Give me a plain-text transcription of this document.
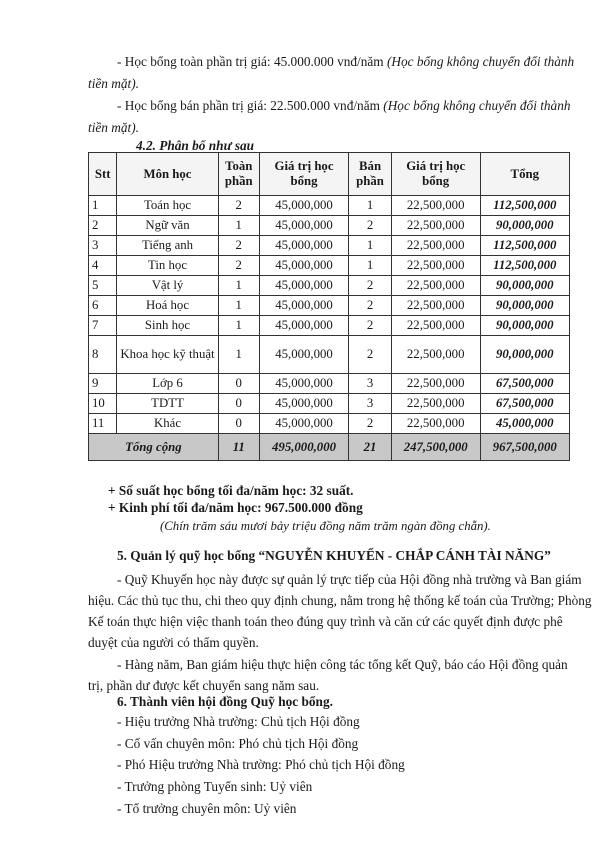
- Học bổng toàn phần trị giá: 45.000.000 vnđ/năm (Học bổng không chuyển đổi thành
tiền mặt).
- Học bổng bán phần trị giá: 22.500.000 vnđ/năm (Học bổng không chuyển đổi thành
tiền mặt).
4.2. Phân bổ như sau
Stt	Môn học	Toàn phần	Giá trị học bổng	Bán phần	Giá trị học bổng	Tổng
1	Toán học	2	45,000,000	1	22,500,000	112,500,000
2	Ngữ văn	1	45,000,000	2	22,500,000	90,000,000
3	Tiếng anh	2	45,000,000	1	22,500,000	112,500,000
4	Tin học	2	45,000,000	1	22,500,000	112,500,000
5	Vật lý	1	45,000,000	2	22,500,000	90,000,000
6	Hoá học	1	45,000,000	2	22,500,000	90,000,000
7	Sinh học	1	45,000,000	2	22,500,000	90,000,000
8	Khoa học kỹ thuật	1	45,000,000	2	22,500,000	90,000,000
9	Lớp 6	0	45,000,000	3	22,500,000	67,500,000
10	TDTT	0	45,000,000	3	22,500,000	67,500,000
11	Khác	0	45,000,000	2	22,500,000	45,000,000
Tổng cộng		11	495,000,000	21	247,500,000	967,500,000
+ Số suất học bổng tối đa/năm học: 32 suất.
+ Kinh phí tối đa/năm học: 967.500.000 đồng
(Chín trăm sáu mươi bảy triệu đồng năm trăm ngàn đồng chẵn).
5. Quản lý quỹ học bổng “NGUYỄN KHUYẾN - CHẮP CÁNH TÀI NĂNG”
- Quỹ Khuyến học này được sự quản lý trực tiếp của Hội đồng nhà trường và Ban giám
hiệu. Các thủ tục thu, chi theo quy định chung, nằm trong hệ thống kế toán của Trường; Phòng
Kế toán thực hiện việc thanh toán theo đúng quy trình và căn cứ các quyết định được phê
duyệt của người có thẩm quyền.
- Hàng năm, Ban giám hiệu thực hiện công tác tổng kết Quỹ, báo cáo Hội đồng quản
trị, phần dư được kết chuyển sang năm sau.
6. Thành viên hội đồng Quỹ học bổng.
- Hiệu trưởng Nhà trường: Chủ tịch Hội đồng
- Cố vấn chuyên môn: Phó chủ tịch Hội đồng
- Phó Hiệu trưởng Nhà trường: Phó chủ tịch Hội đồng
- Trưởng phòng Tuyển sinh: Uỷ viên
- Tổ trưởng chuyên môn: Uỷ viên
